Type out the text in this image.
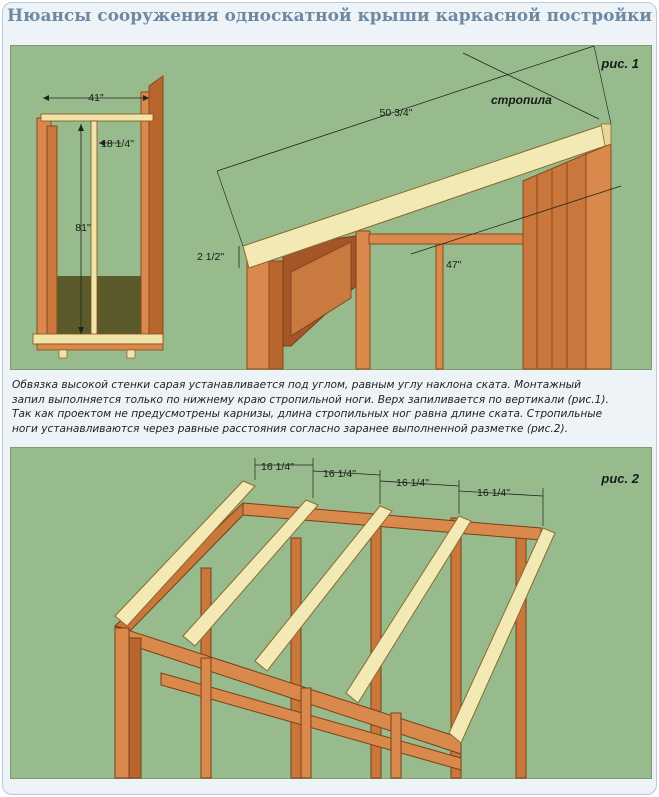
Нюансы сооружения односкатной крыши каркасной постройки
41"
18 1/4"
81"
рис. 1
50 3/4"
стропила
2 1/2"
47"

Обвязка высокой стенки сарая устанавливается под углом, равным углу наклона ската. Монтажный

запил выполняется только по нижнему краю стропильной ноги. Верх запиливается по вертикали (рис.1).

Так как проектом не предусмотрены карнизы, длина стропильных ног равна длине ската. Стропильные

ноги устанавливаются через равные расстояния согласно заранее выполненной разметке (рис.2).

рис. 2
16 1/4"
16 1/4"
16 1/4"
16 1/4"
